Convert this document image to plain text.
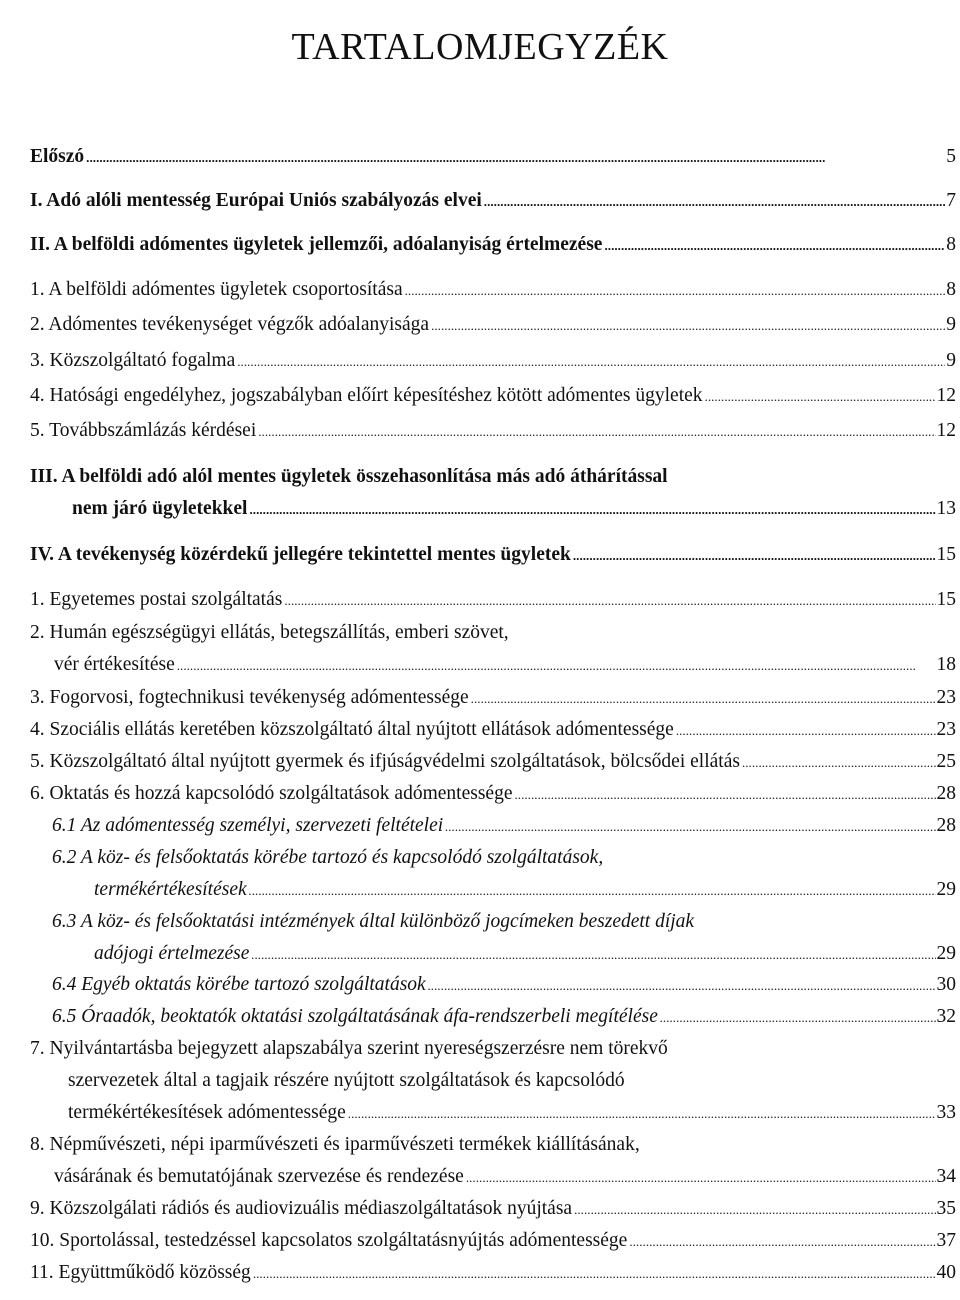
TARTALOMJEGYZÉK
Előszó . . .	5
I. Adó alóli mentesség Európai Uniós szabályozás elvei . . .	7
II. A belföldi adómentes ügyletek jellemzői, adóalanyiság értelmezése . . .	8
1. A belföldi adómentes ügyletek csoportosítása . . .	8
2. Adómentes tevékenységet végzők adóalanyisága . . .	9
3. Közszolgáltató fogalma . . .	9
4. Hatósági engedélyhez, jogszabályban előírt képesítéshez kötött adómentes ügyletek . . .	12
5. Továbbszámlázás kérdései . . .	12
III. A belföldi adó alól mentes ügyletek összehasonlítása más adó áthárítással
nem járó ügyletekkel . . .	13
IV. A tevékenység közérdekű jellegére tekintettel mentes ügyletek . . .	15
1. Egyetemes postai szolgáltatás . . .	15
2. Humán egészségügyi ellátás, betegszállítás, emberi szövet,
vér értékesítése . . .	18
3. Fogorvosi, fogtechnikusi tevékenység adómentessége . . .	23
4. Szociális ellátás keretében közszolgáltató által nyújtott ellátások adómentessége . . .	23
5. Közszolgáltató által nyújtott gyermek és ifjúságvédelmi szolgáltatások, bölcsődei ellátás . . .	25
6. Oktatás és hozzá kapcsolódó szolgáltatások adómentessége . . .	28
6.1 Az adómentesség személyi, szervezeti feltételei . . .	28
6.2 A köz- és felsőoktatás körébe tartozó és kapcsolódó szolgáltatások,
termékértékesítések . . .	29
6.3 A köz- és felsőoktatási intézmények által különböző jogcímeken beszedett díjak
adójogi értelmezése . . .	29
6.4 Egyéb oktatás körébe tartozó szolgáltatások . . .	30
6.5 Óraadók, beoktatók oktatási szolgáltatásának áfa-rendszerbeli megítélése . . .	32
7. Nyilvántartásba bejegyzett alapszabálya szerint nyereségszerzésre nem törekvő
szervezetek által a tagjaik részére nyújtott szolgáltatások és kapcsolódó
termékértékesítések adómentessége . . .	33
8. Népművészeti, népi iparművészeti és iparművészeti termékek kiállításának,
vásárának és bemutatójának szervezése és rendezése . . .	34
9. Közszolgálati rádiós és audiovizuális médiaszolgáltatások nyújtása . . .	35
10. Sportolással, testedzéssel kapcsolatos szolgáltatásnyújtás adómentessége . . .	37
11. Együttműködő közösség . . .	40
